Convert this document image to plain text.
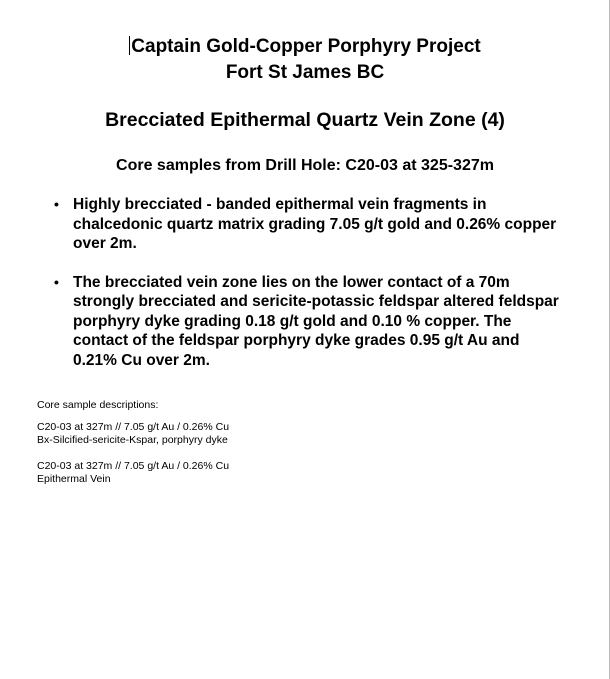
Captain Gold-Copper Porphyry Project
Fort St James BC
Brecciated Epithermal Quartz Vein Zone (4)
Core samples from Drill Hole: C20-03 at 325-327m
• Highly brecciated - banded epithermal vein fragments in
chalcedonic quartz matrix grading 7.05 g/t gold and 0.26% copper
over 2m.
• The brecciated vein zone lies on the lower contact of a 70m
strongly brecciated and sericite-potassic feldspar altered feldspar
porphyry dyke grading 0.18 g/t gold and 0.10 % copper. The
contact of the feldspar porphyry dyke grades 0.95 g/t Au and
0.21% Cu over 2m.

Core sample descriptions:

C20-03 at 327m // 7.05 g/t Au / 0.26% Cu

Bx-Silcified-sericite-Kspar, porphyry dyke

C20-03 at 327m // 7.05 g/t Au / 0.26% Cu

Epithermal Vein
